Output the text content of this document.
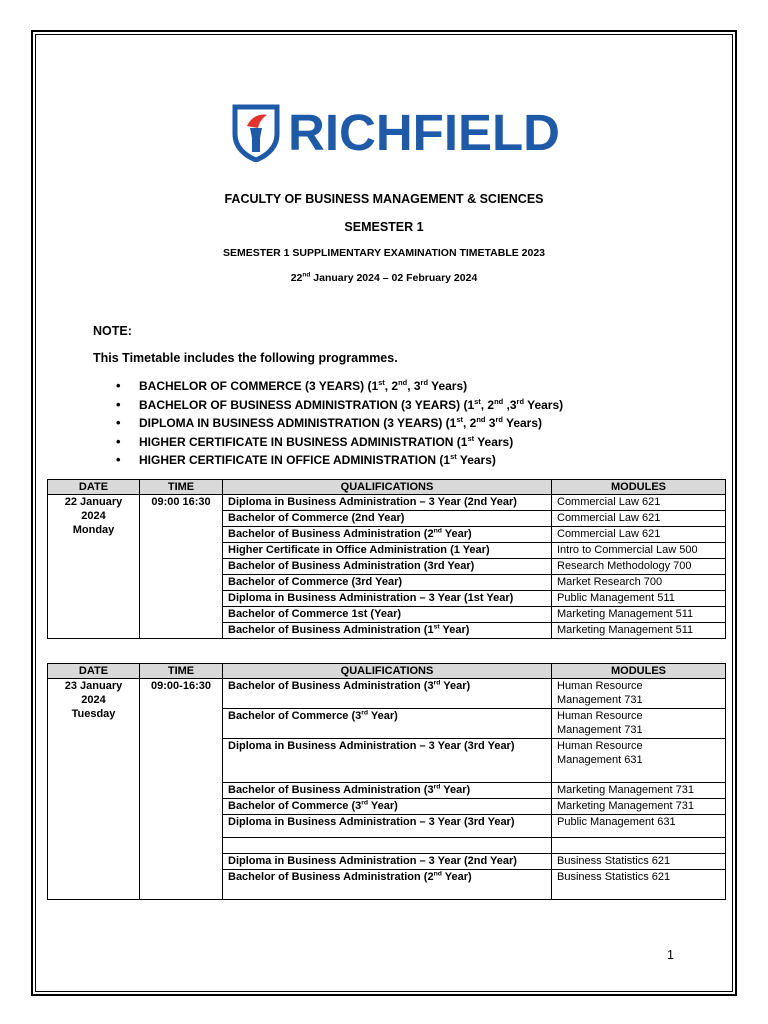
RICHFIELD
FACULTY OF BUSINESS MANAGEMENT & SCIENCES
SEMESTER 1
SEMESTER 1 SUPPLIMENTARY EXAMINATION TIMETABLE 2023
22nd January 2024 – 02 February 2024
NOTE:
This Timetable includes the following programmes.
• BACHELOR OF COMMERCE (3 YEARS) (1st, 2nd, 3rd Years)
• BACHELOR OF BUSINESS ADMINISTRATION (3 YEARS) (1st, 2nd ,3rd Years)
• DIPLOMA IN BUSINESS ADMINISTRATION (3 YEARS) (1st, 2nd 3rd Years)
• HIGHER CERTIFICATE IN BUSINESS ADMINISTRATION (1st Years)
• HIGHER CERTIFICATE IN OFFICE ADMINISTRATION (1st Years)
DATE	TIME	QUALIFICATIONS	MODULES
22 January
2024
Monday	09:00 16:30	Diploma in Business Administration – 3 Year (2nd Year)	Commercial Law 621
		Bachelor of Commerce (2nd Year)	Commercial Law 621
		Bachelor of Business Administration (2nd Year)	Commercial Law 621
		Higher Certificate in Office Administration (1 Year)	Intro to Commercial Law 500
		Bachelor of Business Administration (3rd Year)	Research Methodology 700
		Bachelor of Commerce (3rd Year)	Market Research 700
		Diploma in Business Administration – 3 Year (1st Year)	Public Management 511
		Bachelor of Commerce 1st (Year)	Marketing Management 511
		Bachelor of Business Administration (1st Year)	Marketing Management 511
DATE	TIME	QUALIFICATIONS	MODULES
23 January
2024
Tuesday	09:00-16:30	Bachelor of Business Administration (3rd Year)	Human Resource
Management 731
		Bachelor of Commerce (3rd Year)	Human Resource
Management 731
		Diploma in Business Administration – 3 Year (3rd Year)	Human Resource
Management 631
		Bachelor of Business Administration (3rd Year)	Marketing Management 731
		Bachelor of Commerce (3rd Year)	Marketing Management 731
		Diploma in Business Administration – 3 Year (3rd Year)	Public Management 631

		Diploma in Business Administration – 3 Year (2nd Year)	Business Statistics 621
		Bachelor of Business Administration (2nd Year)	Business Statistics 621
1
